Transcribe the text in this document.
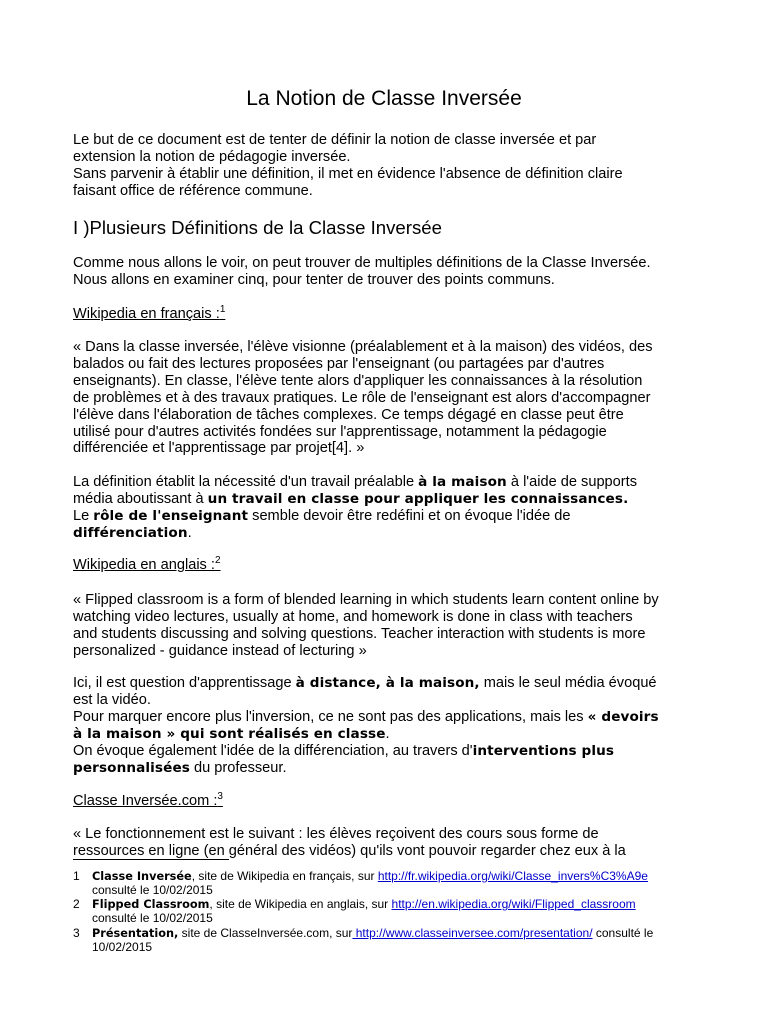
La Notion de Classe Inversée
Le but de ce document est de tenter de définir la notion de classe inversée et par
extension la notion de pédagogie inversée.
Sans parvenir à établir une définition, il met en évidence l'absence de définition claire
faisant office de référence commune.
I )Plusieurs Définitions de la Classe Inversée
Comme nous allons le voir, on peut trouver de multiples définitions de la Classe Inversée.
Nous allons en examiner cinq, pour tenter de trouver des points communs.
Wikipedia en français :$^1$
« Dans la classe inversée, l'élève visionne (préalablement et à la maison) des vidéos, des
balados ou fait des lectures proposées par l'enseignant (ou partagées par d'autres
enseignants). En classe, l'élève tente alors d'appliquer les connaissances à la résolution
de problèmes et à des travaux pratiques. Le rôle de l'enseignant est alors d'accompagner
l'élève dans l'élaboration de tâches complexes. Ce temps dégagé en classe peut être
utilisé pour d'autres activités fondées sur l'apprentissage, notamment la pédagogie
différenciée et l'apprentissage par projet[4]. »
La définition établit la nécessité d'un travail préalable à la maison à l'aide de supports
média aboutissant à un travail en classe pour appliquer les connaissances.
Le rôle de l'enseignant semble devoir être redéfini et on évoque l'idée de
différenciation.
Wikipedia en anglais :$^2$
« Flipped classroom is a form of blended learning in which students learn content online by
watching video lectures, usually at home, and homework is done in class with teachers
and students discussing and solving questions. Teacher interaction with students is more
personalized - guidance instead of lecturing »
Ici, il est question d'apprentissage à distance, à la maison, mais le seul média évoqué
est la vidéo.
Pour marquer encore plus l'inversion, ce ne sont pas des applications, mais les « devoirs
à la maison » qui sont réalisés en classe.
On évoque également l'idée de la différenciation, au travers d'interventions plus
personnalisées du professeur.
Classe Inversée.com :$^3$
« Le fonctionnement est le suivant : les élèves reçoivent des cours sous forme de
ressources en ligne (en général des vidéos) qu'ils vont pouvoir regarder chez eux à la
1 Classe Inversée, site de Wikipedia en français, sur http://fr.wikipedia.org/wiki/Classe_invers%C3%A9e
consulté le 10/02/2015
2 Flipped Classroom, site de Wikipedia en anglais, sur http://en.wikipedia.org/wiki/Flipped_classroom
consulté le 10/02/2015
3 Présentation, site de ClasseInversée.com, sur http://www.classeinversee.com/presentation/ consulté le
10/02/2015
